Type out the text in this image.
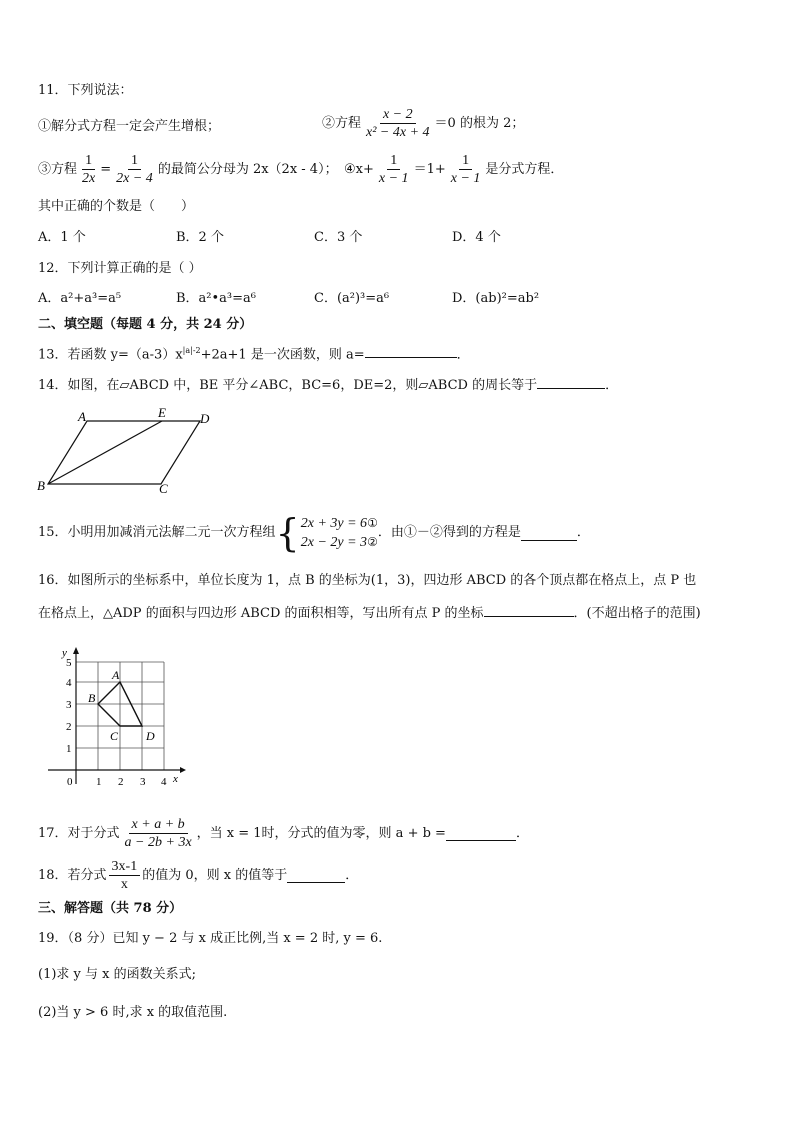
11．下列说法：
①解分式方程一定会产生增根；	②方程 $\frac{x - 2}{\text{x² − 4x + 4}} =0$ 的根为 2；
③方程 $\frac{1}{2x} = \frac{1}{2x - 4}$ 的最简公分母为 2x（2x - 4）； ④x+ $\frac{1}{x - 1} =1+ \frac{1}{x - 1}$ 是分式方程．
其中正确的个数是（　　）
A．1 个	B．2 个	C．3 个	D．4 个
12．下列计算正确的是（ ）
A．a²+a³=a⁵	B．a²•a³=a⁶	C．(a²)³=a⁶	D．(ab)²=ab²
二、填空题（每题 4 分，共 24 分）
13．若函数 $y=(a-3)x^{|a|-2}+2a+1$ 是一次函数，则 a=	．
14．如图，在▱ABCD 中，BE 平分∠ABC，BC=6，DE=2，则▱ABCD 的周长等于	．
A	E	D
B	C
15．小明用加减消元法解二元一次方程组 { 2x + 3y = 6①
2x − 2y = 3②
．由①－②得到的方程是	．
16．如图所示的坐标系中，单位长度为 1，点 B 的坐标为(1，3)，四边形 ABCD 的各个顶点都在格点上，点 P 也
在格点上，△ADP 的面积与四边形 ABCD 的面积相等，写出所有点 P 的坐标	．(不超出格子的范围)
y
x
0 1 2 3 4
1
2
3
4
5
A
B
C D
17．对于分式 $\frac{x + a + b}{a - 2b + 3x}$ ，当 x = 1时，分式的值为零，则 a + b =	．
18．若分式 $\frac{3x-1}{x}$ 的值为 0，则 x 的值等于	．
三、解答题（共 78 分）
19．（8 分）已知 y − 2 与 x 成正比例,当 x = 2 时, y = 6.
(1)求 y 与 x 的函数关系式;
(2)当 y > 6 时,求 x 的取值范围.
